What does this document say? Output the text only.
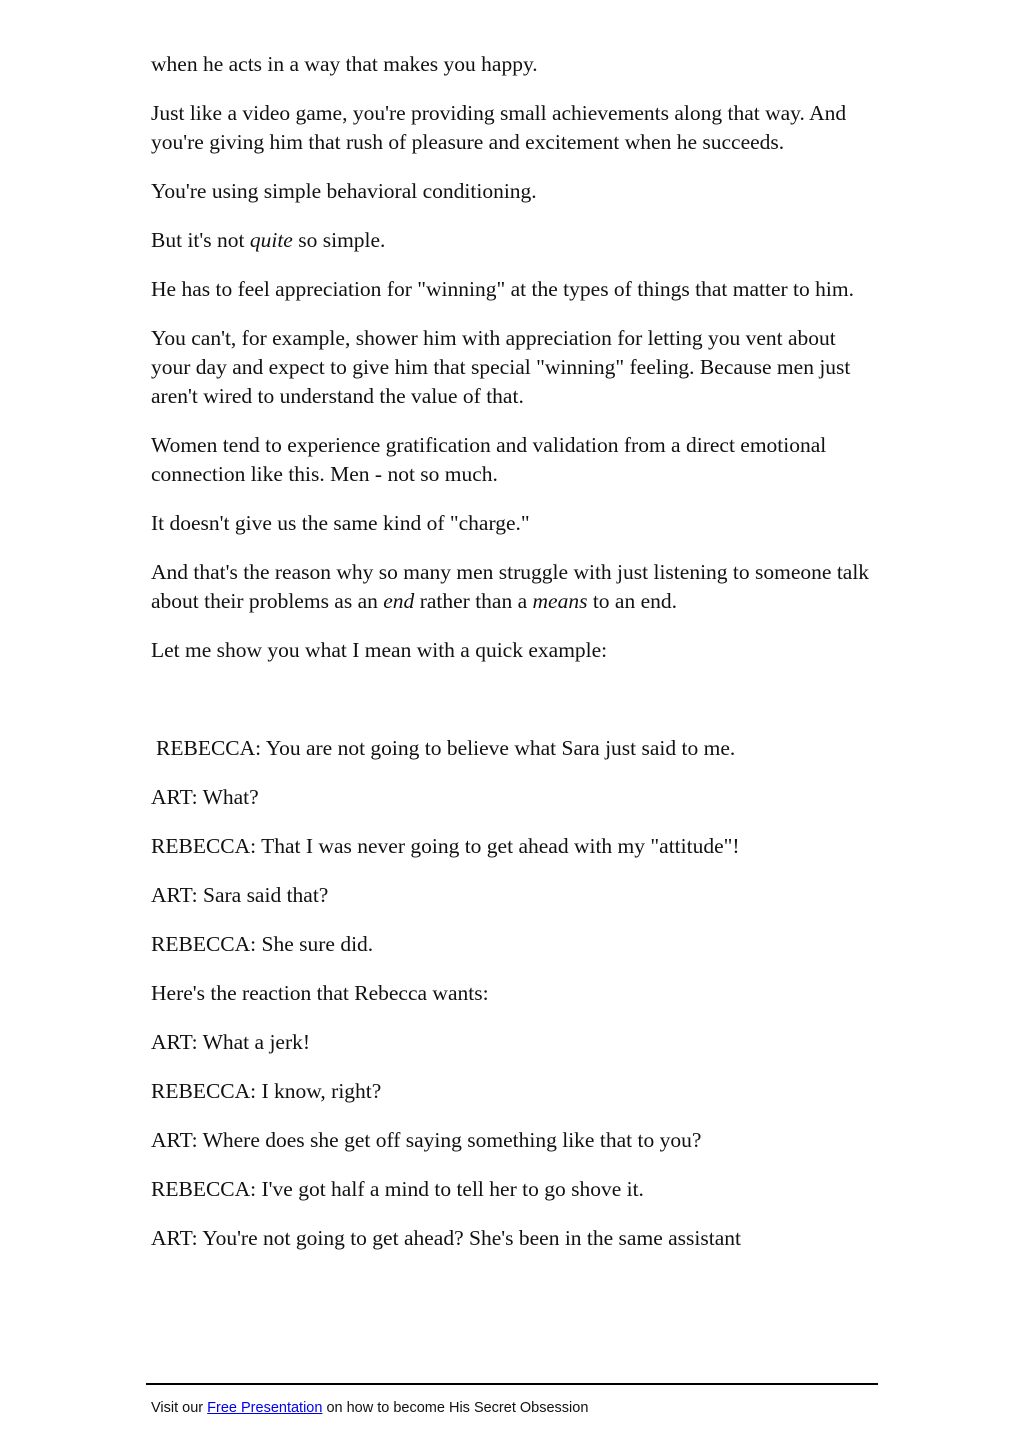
when he acts in a way that makes you happy.

Just like a video game, you're providing small achievements along that way. And you're giving him that rush of pleasure and excitement when he succeeds.

You're using simple behavioral conditioning.

But it's not quite so simple.

He has to feel appreciation for "winning" at the types of things that matter to him.

You can't, for example, shower him with appreciation for letting you vent about your day and expect to give him that special "winning" feeling. Because men just aren't wired to understand the value of that.

Women tend to experience gratification and validation from a direct emotional connection like this. Men - not so much.

It doesn't give us the same kind of "charge."

And that's the reason why so many men struggle with just listening to someone talk about their problems as an end rather than a means to an end.

Let me show you what I mean with a quick example:

REBECCA: You are not going to believe what Sara just said to me.

ART: What?

REBECCA: That I was never going to get ahead with my "attitude"!

ART: Sara said that?

REBECCA: She sure did.

Here's the reaction that Rebecca wants:

ART: What a jerk!

REBECCA: I know, right?

ART: Where does she get off saying something like that to you?

REBECCA: I've got half a mind to tell her to go shove it.

ART: You're not going to get ahead? She's been in the same assistant

Visit our Free Presentation on how to become His Secret Obsession
